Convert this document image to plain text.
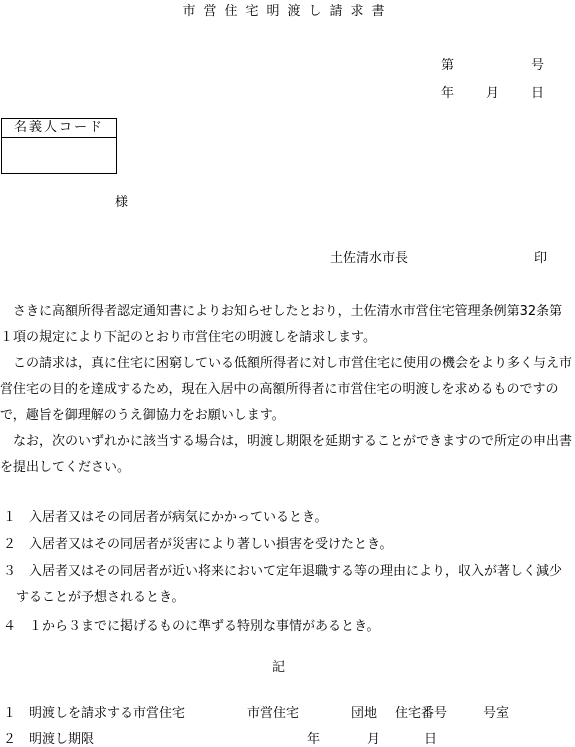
市営住宅明渡し請求書
第	号
年 月 日
名義人コード
様
土佐清水市長	印

さきに高額所得者認定通知書によりお知らせしたとおり，土佐清水市営住宅管理条例第32条第１項の規定により下記のとおり市営住宅の明渡しを請求します。

この請求は，真に住宅に困窮している低額所得者に対し市営住宅に使用の機会をより多く与え市営住宅の目的を達成するため，現在入居中の高額所得者に市営住宅の明渡しを求めるものですので，趣旨を御理解のうえ御協力をお願いします。

なお，次のいずれかに該当する場合は，明渡し期限を延期することができますので所定の申出書を提出してください。

１ 入居者又はその同居者が病気にかかっているとき。
２ 入居者又はその同居者が災害により著しい損害を受けたとき。
３ 入居者又はその同居者が近い将来において定年退職する等の理由により，収入が著しく減少することが予想されるとき。
４ １から３までに掲げるものに準ずる特別な事情があるとき。
記
１ 明渡しを請求する市営住宅	市営住宅	団地 住宅番号	号室
２ 明渡し期限	年	月	日
